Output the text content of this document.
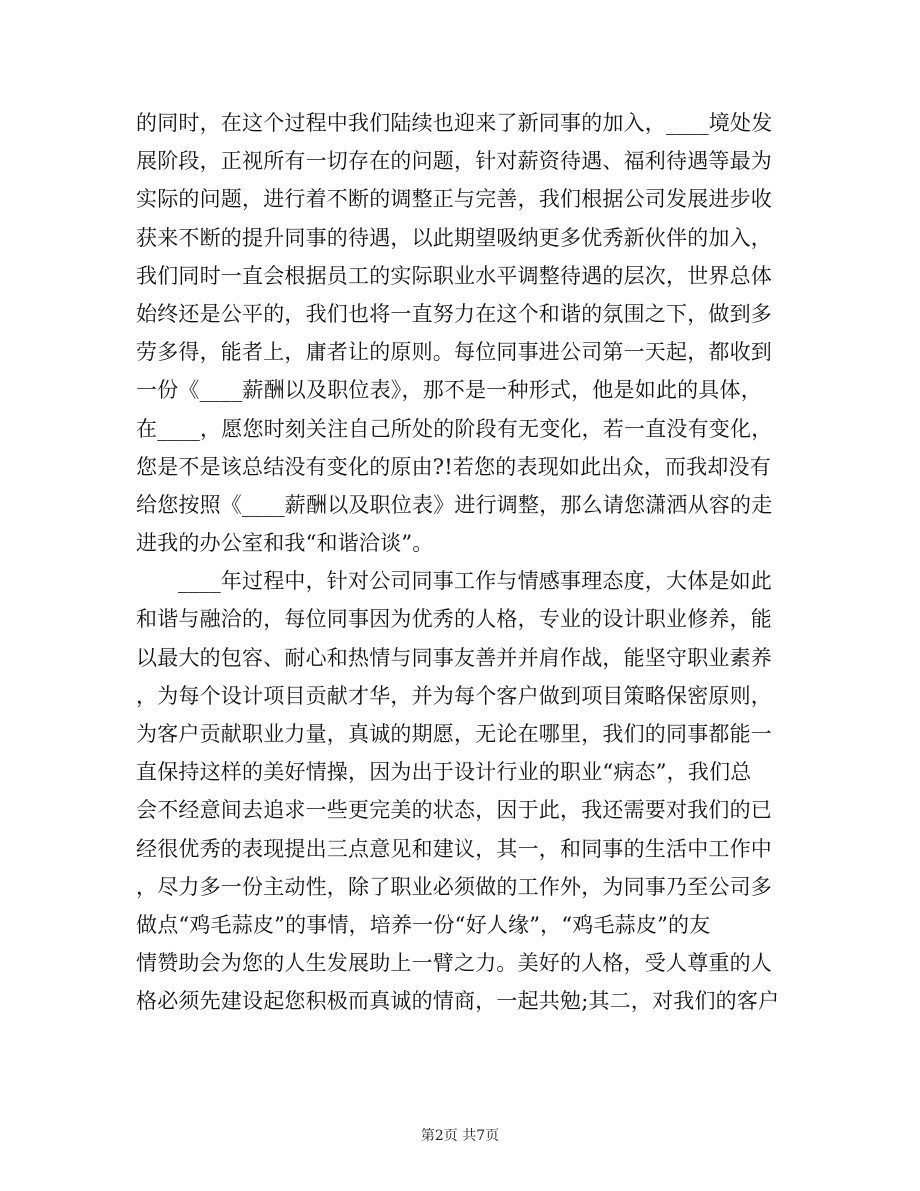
的同时，在这个过程中我们陆续也迎来了新同事的加入，____境处发
展阶段，正视所有一切存在的问题，针对薪资待遇、福利待遇等最为
实际的问题，进行着不断的调整正与完善，我们根据公司发展进步收
获来不断的提升同事的待遇，以此期望吸纳更多优秀新伙伴的加入，
我们同时一直会根据员工的实际职业水平调整待遇的层次，世界总体
始终还是公平的，我们也将一直努力在这个和谐的氛围之下，做到多
劳多得，能者上，庸者让的原则。每位同事进公司第一天起，都收到
一份《____薪酬以及职位表》，那不是一种形式，他是如此的具体，
在____，愿您时刻关注自己所处的阶段有无变化，若一直没有变化，
您是不是该总结没有变化的原由?!若您的表现如此出众，而我却没有
给您按照《____薪酬以及职位表》进行调整，那么请您潇洒从容的走
进我的办公室和我“和谐洽谈”。
____年过程中，针对公司同事工作与情感事理态度，大体是如此
和谐与融洽的，每位同事因为优秀的人格，专业的设计职业修养，能
以最大的包容、耐心和热情与同事友善并并肩作战，能坚守职业素养
，为每个设计项目贡献才华，并为每个客户做到项目策略保密原则，
为客户贡献职业力量，真诚的期愿，无论在哪里，我们的同事都能一
直保持这样的美好情操，因为出于设计行业的职业“病态”，我们总
会不经意间去追求一些更完美的状态，因于此，我还需要对我们的已
经很优秀的表现提出三点意见和建议，其一，和同事的生活中工作中
，尽力多一份主动性，除了职业必须做的工作外，为同事乃至公司多
做点“鸡毛蒜皮”的事情，培养一份“好人缘”，“鸡毛蒜皮”的友
情赞助会为您的人生发展助上一臂之力。美好的人格，受人尊重的人
格必须先建设起您积极而真诚的情商，一起共勉;其二，对我们的客户
第2页 共7页
